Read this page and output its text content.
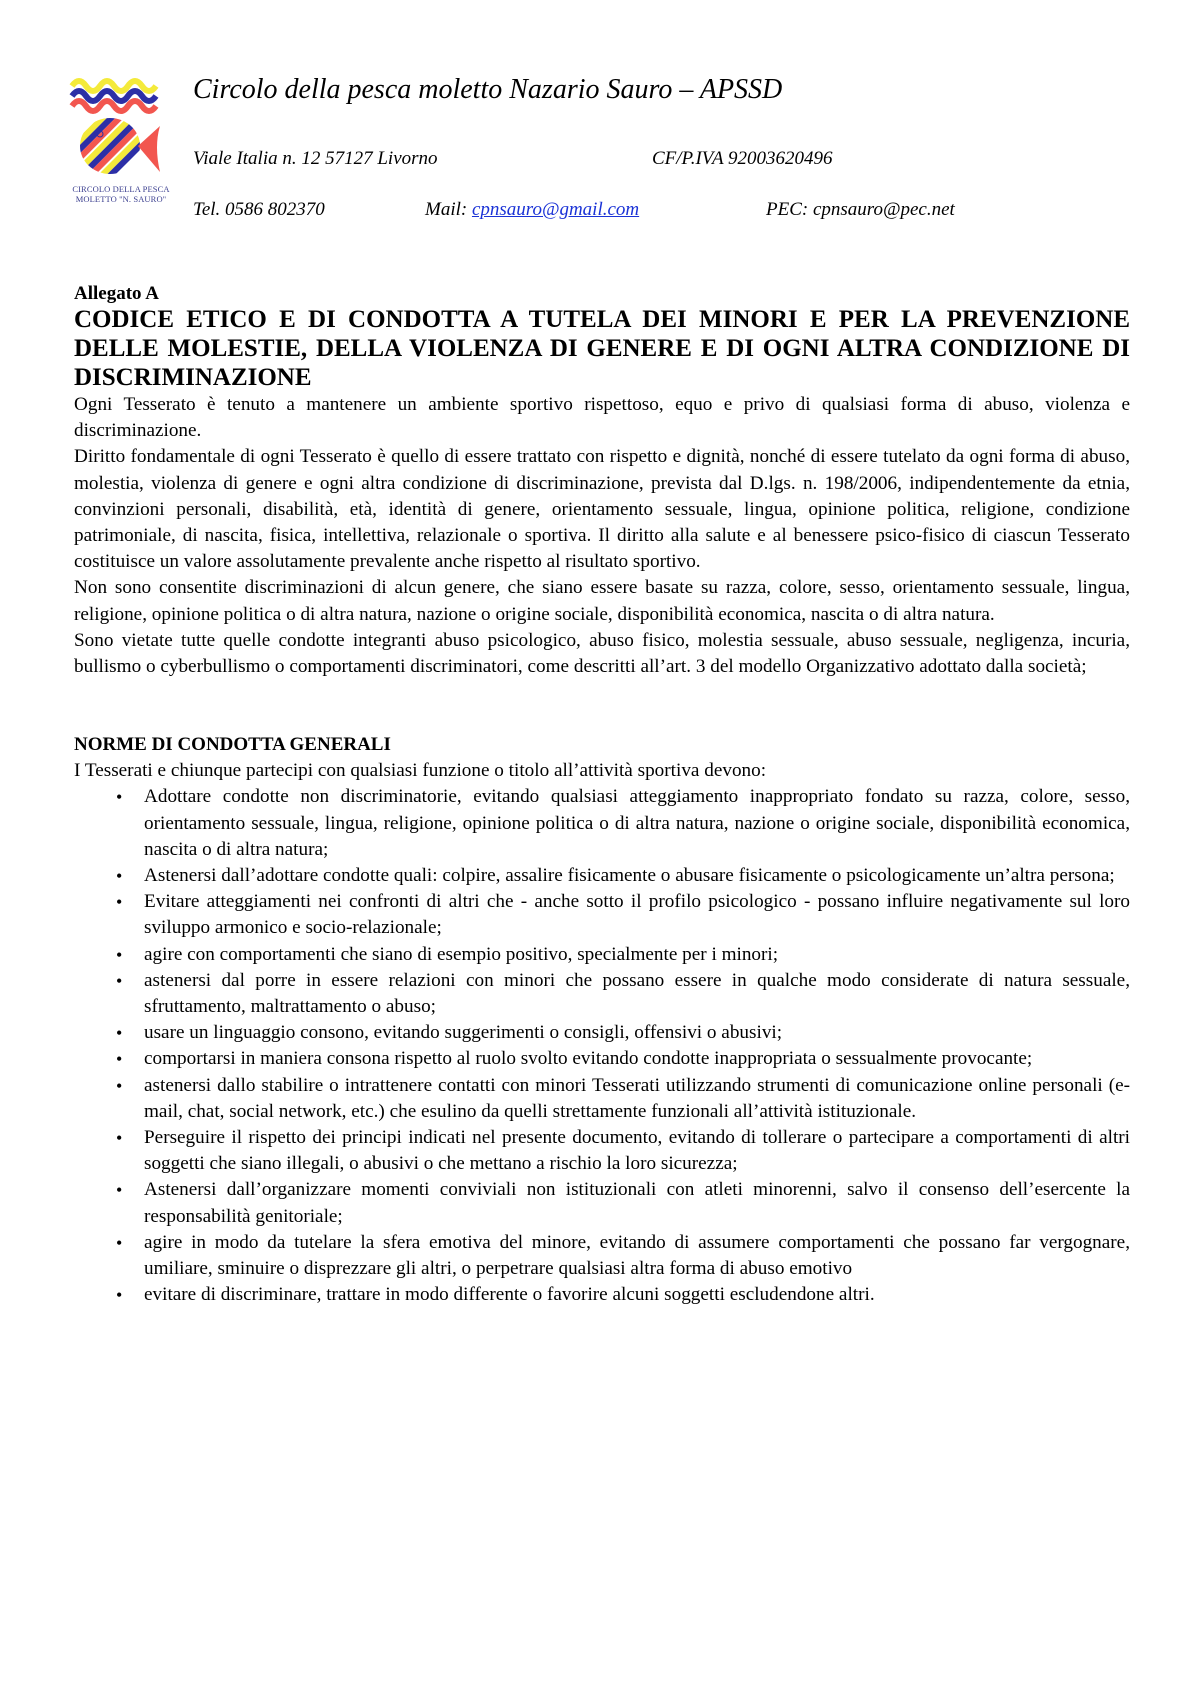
CIRCOLO DELLA PESCA
MOLETTO "N. SAURO"
Circolo della pesca moletto Nazario Sauro – APSSD
Viale Italia n. 12 57127 Livorno	CF/P.IVA 92003620496
Tel. 0586 802370	Mail: cpnsauro@gmail.com	PEC: cpnsauro@pec.net
Allegato A
CODICE ETICO E DI CONDOTTA A TUTELA DEI MINORI E PER LA PREVENZIONE DELLE MOLESTIE, DELLA VIOLENZA DI GENERE E DI OGNI ALTRA CONDIZIONE DI DISCRIMINAZIONE

Ogni Tesserato è tenuto a mantenere un ambiente sportivo rispettoso, equo e privo di qualsiasi forma di abuso, violenza e discriminazione.

Diritto fondamentale di ogni Tesserato è quello di essere trattato con rispetto e dignità, nonché di essere tutelato da ogni forma di abuso, molestia, violenza di genere e ogni altra condizione di discriminazione, prevista dal D.lgs. n. 198/2006, indipendentemente da etnia, convinzioni personali, disabilità, età, identità di genere, orientamento sessuale, lingua, opinione politica, religione, condizione patrimoniale, di nascita, fisica, intellettiva, relazionale o sportiva. Il diritto alla salute e al benessere psico-fisico di ciascun Tesserato costituisce un valore assolutamente prevalente anche rispetto al risultato sportivo.

Non sono consentite discriminazioni di alcun genere, che siano essere basate su razza, colore, sesso, orientamento sessuale, lingua, religione, opinione politica o di altra natura, nazione o origine sociale, disponibilità economica, nascita o di altra natura.

Sono vietate tutte quelle condotte integranti abuso psicologico, abuso fisico, molestia sessuale, abuso sessuale, negligenza, incuria, bullismo o cyberbullismo o comportamenti discriminatori, come descritti all’art. 3 del modello Organizzativo adottato dalla società;

NORME DI CONDOTTA GENERALI

I Tesserati e chiunque partecipi con qualsiasi funzione o titolo all’attività sportiva devono:

• Adottare condotte non discriminatorie, evitando qualsiasi atteggiamento inappropriato fondato su razza, colore, sesso, orientamento sessuale, lingua, religione, opinione politica o di altra natura, nazione o origine sociale, disponibilità economica, nascita o di altra natura;
• Astenersi dall’adottare condotte quali: colpire, assalire fisicamente o abusare fisicamente o psicologicamente un’altra persona;
• Evitare atteggiamenti nei confronti di altri che - anche sotto il profilo psicologico - possano influire negativamente sul loro sviluppo armonico e socio-relazionale;
• agire con comportamenti che siano di esempio positivo, specialmente per i minori;
• astenersi dal porre in essere relazioni con minori che possano essere in qualche modo considerate di natura sessuale, sfruttamento, maltrattamento o abuso;
• usare un linguaggio consono, evitando suggerimenti o consigli, offensivi o abusivi;
• comportarsi in maniera consona rispetto al ruolo svolto evitando condotte inappropriata o sessualmente provocante;
• astenersi dallo stabilire o intrattenere contatti con minori Tesserati utilizzando strumenti di comunicazione online personali (e-mail, chat, social network, etc.) che esulino da quelli strettamente funzionali all’attività istituzionale.
• Perseguire il rispetto dei principi indicati nel presente documento, evitando di tollerare o partecipare a comportamenti di altri soggetti che siano illegali, o abusivi o che mettano a rischio la loro sicurezza;
• Astenersi dall’organizzare momenti conviviali non istituzionali con atleti minorenni, salvo il consenso dell’esercente la responsabilità genitoriale;
• agire in modo da tutelare la sfera emotiva del minore, evitando di assumere comportamenti che possano far vergognare, umiliare, sminuire o disprezzare gli altri, o perpetrare qualsiasi altra forma di abuso emotivo
• evitare di discriminare, trattare in modo differente o favorire alcuni soggetti escludendone altri.
